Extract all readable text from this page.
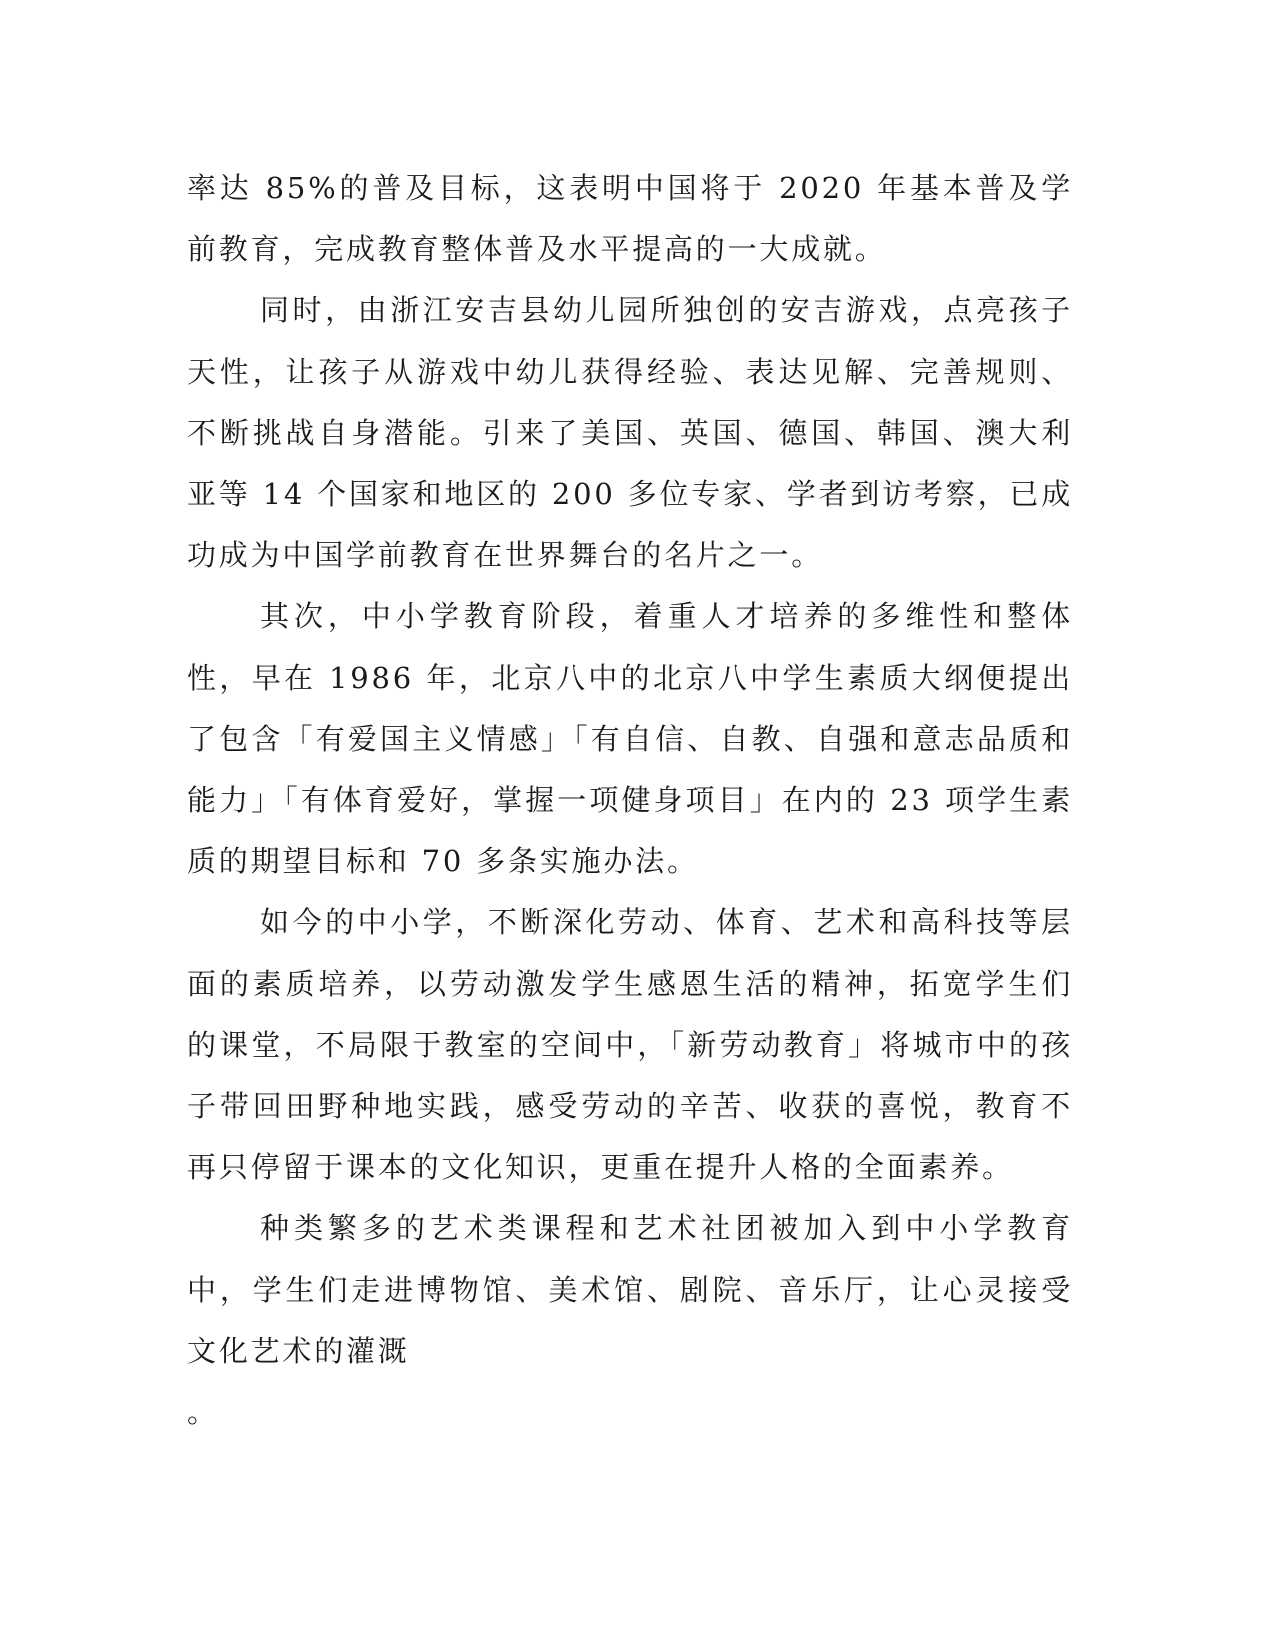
率达 85%的普及目标，这表明中国将于 2020 年基本普及学前教育，完成教育整体普及水平提高的一大成就。

同时，由浙江安吉县幼儿园所独创的安吉游戏，点亮孩子天性，让孩子从游戏中幼儿获得经验、表达见解、完善规则、不断挑战自身潜能。引来了美国、英国、德国、韩国、澳大利亚等 14 个国家和地区的 200 多位专家、学者到访考察，已成功成为中国学前教育在世界舞台的名片之一。

其次，中小学教育阶段，着重人才培养的多维性和整体性，早在 1986 年，北京八中的北京八中学生素质大纲便提出了包含「有爱国主义情感」「有自信、自教、自强和意志品质和能力」「有体育爱好，掌握一项健身项目」在内的 23 项学生素质的期望目标和 70 多条实施办法。

如今的中小学，不断深化劳动、体育、艺术和高科技等层面的素质培养，以劳动激发学生感恩生活的精神，拓宽学生们的课堂，不局限于教室的空间中，「新劳动教育」将城市中的孩子带回田野种地实践，感受劳动的辛苦、收获的喜悦，教育不再只停留于课本的文化知识，更重在提升人格的全面素养。

种类繁多的艺术类课程和艺术社团被加入到中小学教育中，学生们走进博物馆、美术馆、剧院、音乐厅，让心灵接受文化艺术的灌溉

。
